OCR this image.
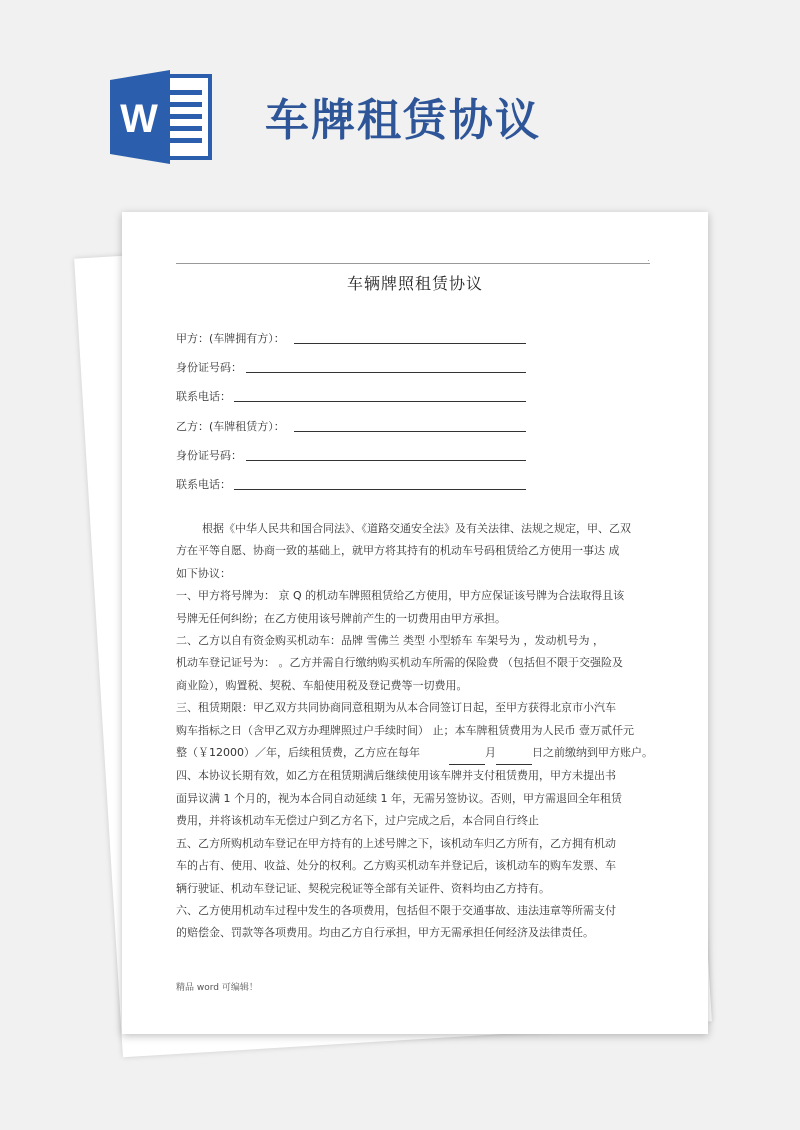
W 车牌租赁协议
:
车辆牌照租赁协议
甲方：(车牌拥有方）：
身份证号码：
联系电话：
乙方：(车牌租赁方）：
身份证号码：
联系电话：

根据《中华人民共和国合同法》、《道路交通安全法》及有关法律、法规之规定，甲、乙双

方在平等自愿、协商一致的基础上，就甲方将其持有的机动车号码租赁给乙方使用一事达 成

如下协议：

一、甲方将号牌为： 京 Q 的机动车牌照租赁给乙方使用，甲方应保证该号牌为合法取得且该

号牌无任何纠纷；在乙方使用该号牌前产生的一切费用由甲方承担。

二、乙方以自有资金购买机动车：品牌 雪佛兰 类型 小型轿车 车架号为 ，发动机号为 ，

机动车登记证号为： 。乙方并需自行缴纳购买机动车所需的保险费 （包括但不限于交强险及

商业险），购置税、契税、车船使用税及登记费等一切费用。

三、租赁期限：甲乙双方共同协商同意租期为从本合同签订日起，至甲方获得北京市小汽车

购车指标之日（含甲乙双方办理牌照过户手续时间） 止；本车牌租赁费用为人民币 壹万贰仟元

整（￥12000）／年，后续租赁费，乙方应在每年	月	日之前缴纳到甲方账户。

四、本协议长期有效，如乙方在租赁期满后继续使用该车牌并支付租赁费用，甲方未提出书

面异议满 1 个月的，视为本合同自动延续 1 年，无需另签协议。否则，甲方需退回全年租赁

费用，并将该机动车无偿过户到乙方名下，过户完成之后，本合同自行终止

五、乙方所购机动车登记在甲方持有的上述号牌之下，该机动车归乙方所有，乙方拥有机动

车的占有、使用、收益、处分的权利。乙方购买机动车并登记后，该机动车的购车发票、车

辆行驶证、机动车登记证、契税完税证等全部有关证件、资料均由乙方持有。

六、乙方使用机动车过程中发生的各项费用，包括但不限于交通事故、违法违章等所需支付

的赔偿金、罚款等各项费用。均由乙方自行承担，甲方无需承担任何经济及法律责任。

精品 word 可编辑！
